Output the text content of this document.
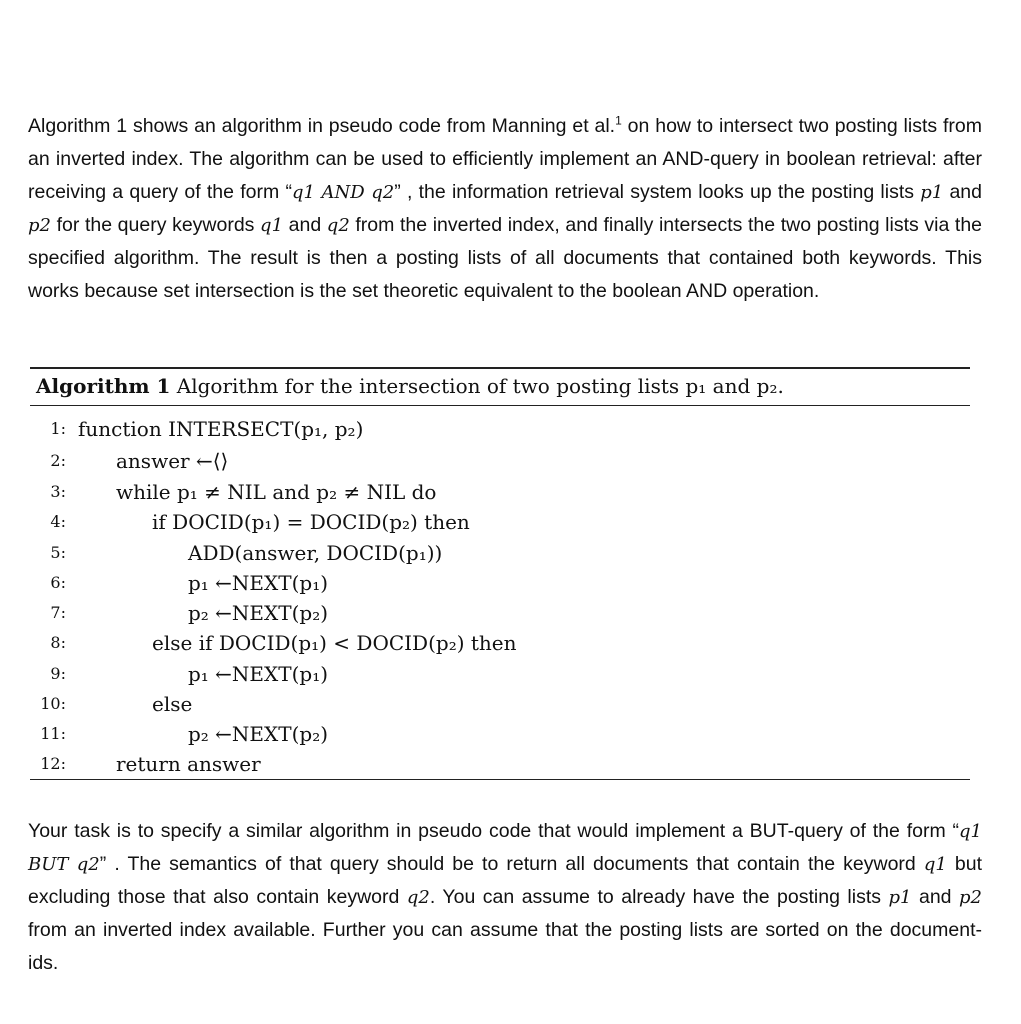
Algorithm 1 shows an algorithm in pseudo code from Manning et al.$^1$ on how to intersect two posting lists from an inverted index. The algorithm can be used to efficiently implement an AND-query in boolean retrieval: after receiving a query of the form “q1 AND q2” , the information retrieval system looks up the posting lists p1 and p2 for the query keywords q1 and q2 from the inverted index, and finally intersects the two posting lists via the specified algorithm. The result is then a posting lists of all documents that contained both keywords. This works because set intersection is the set theoretic equivalent to the boolean AND operation.

Algorithm 1 Algorithm for the intersection of two posting lists p₁ and p₂.
1: function INTERSECT(p₁, p₂)
2:	answer ←⟨⟩
3:	while p₁ ≠ NIL and p₂ ≠ NIL do
4:	if DOCID(p₁) = DOCID(p₂) then
5:	ADD(answer, DOCID(p₁))
6:	p₁ ←NEXT(p₁)
7:	p₂ ←NEXT(p₂)
8:	else if DOCID(p₁) < DOCID(p₂) then
9:	p₁ ←NEXT(p₁)
10:	else
11:	p₂ ←NEXT(p₂)
12:	return answer

Your task is to specify a similar algorithm in pseudo code that would implement a BUT-query of the form “q1 BUT q2” . The semantics of that query should be to return all documents that contain the keyword q1 but excluding those that also contain keyword q2. You can assume to already have the posting lists p1 and p2 from an inverted index available. Further you can assume that the posting lists are sorted on the document-ids.
